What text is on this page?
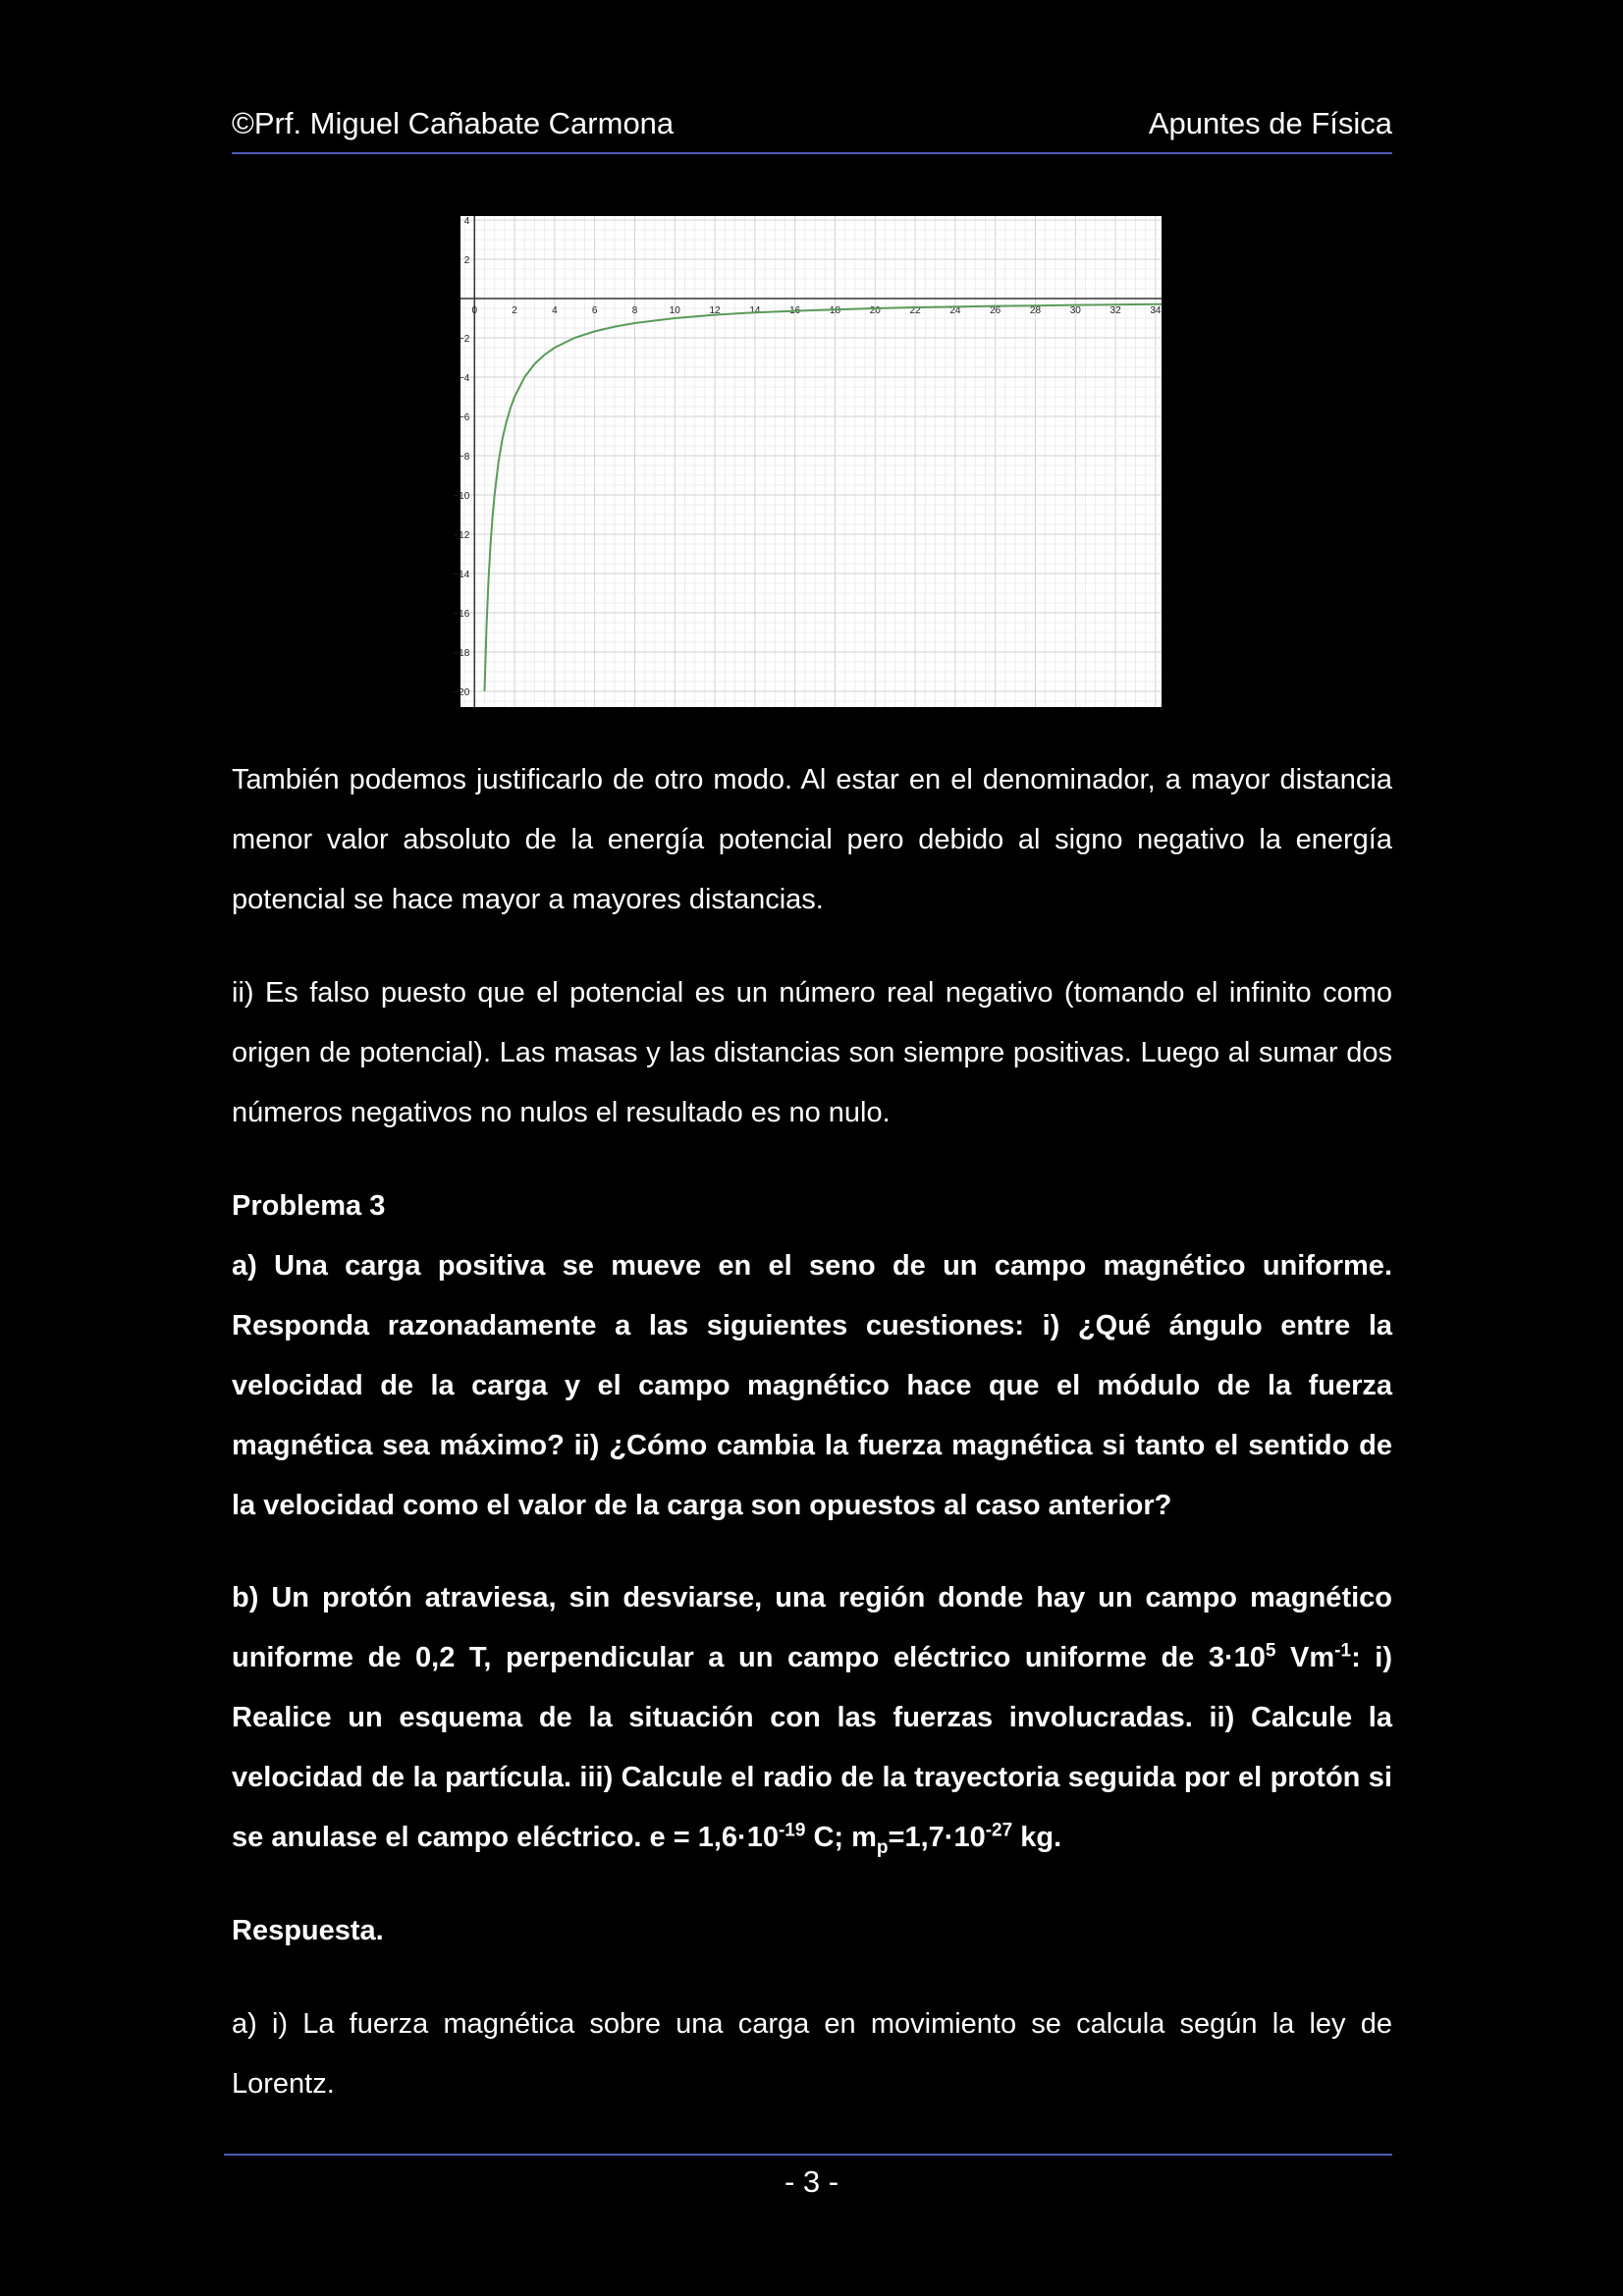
©Prf. Miguel Cañabate Carmona	Apuntes de Física
0	2	4	6	8	10	12	14	16	18	20	22	24	26	28	30	32	34
4
2
−2
−4
−6
−8
−10
−12
−14
−16
−18
−20

También podemos justificarlo de otro modo. Al estar en el denominador, a mayor distancia menor valor absoluto de la energía potencial pero debido al signo negativo la energía potencial se hace mayor a mayores distancias.

ii) Es falso puesto que el potencial es un número real negativo (tomando el infinito como origen de potencial). Las masas y las distancias son siempre positivas. Luego al sumar dos números negativos no nulos el resultado es no nulo.

Problema 3

a) Una carga positiva se mueve en el seno de un campo magnético uniforme. Responda razonadamente a las siguientes cuestiones: i) ¿Qué ángulo entre la velocidad de la carga y el campo magnético hace que el módulo de la fuerza magnética sea máximo? ii) ¿Cómo cambia la fuerza magnética si tanto el sentido de la velocidad como el valor de la carga son opuestos al caso anterior?

b) Un protón atraviesa, sin desviarse, una región donde hay un campo magnético uniforme de 0,2 T, perpendicular a un campo eléctrico uniforme de $3\cdot 10^5$ $Vm^{-1}$: i) Realice un esquema de la situación con las fuerzas involucradas. ii) Calcule la velocidad de la partícula. iii) Calcule el radio de la trayectoria seguida por el protón si se anulase el campo eléctrico. $e = 1,6\cdot 10^{-19}$ C; $m_p=1,7\cdot 10^{-27}$ kg.

Respuesta.

a) i) La fuerza magnética sobre una carga en movimiento se calcula según la ley de Lorentz.

- 3 -
